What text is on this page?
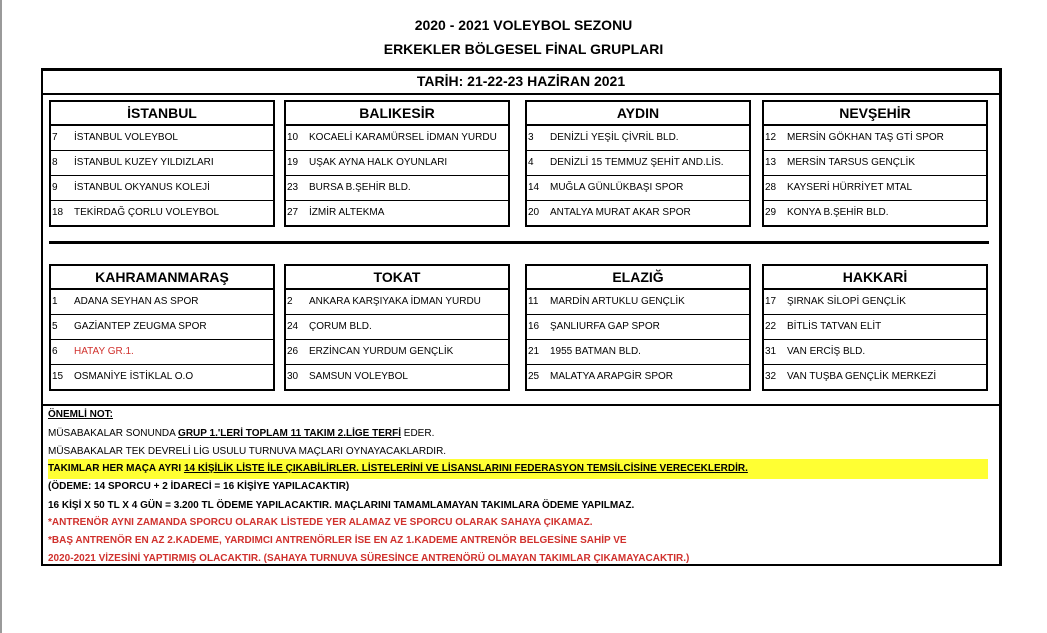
2020 - 2021 VOLEYBOL SEZONU
ERKEKLER BÖLGESEL FİNAL GRUPLARI
TARİH: 21-22-23 HAZİRAN 2021
İSTANBUL
7	İSTANBUL VOLEYBOL
8	İSTANBUL KUZEY YILDIZLARI
9	İSTANBUL OKYANUS KOLEJİ
18	TEKİRDAĞ ÇORLU VOLEYBOL
BALIKESİR
10	KOCAELİ KARAMÜRSEL İDMAN YURDU
19	UŞAK AYNA HALK OYUNLARI
23	BURSA B.ŞEHİR BLD.
27	İZMİR ALTEKMA
AYDIN
3	DENİZLİ YEŞİL ÇİVRİL BLD.
4	DENİZLİ 15 TEMMUZ ŞEHİT AND.LİS.
14	MUĞLA GÜNLÜKBAŞI SPOR
20	ANTALYA MURAT AKAR SPOR
NEVŞEHİR
12	MERSİN GÖKHAN TAŞ GTİ SPOR
13	MERSİN TARSUS GENÇLİK
28	KAYSERİ HÜRRİYET MTAL
29	KONYA B.ŞEHİR BLD.
KAHRAMANMARAŞ
1	ADANA SEYHAN AS SPOR
5	GAZİANTEP ZEUGMA SPOR
6	HATAY GR.1.
15	OSMANİYE İSTİKLAL O.O
TOKAT
2	ANKARA KARŞIYAKA İDMAN YURDU
24	ÇORUM BLD.
26	ERZİNCAN YURDUM GENÇLİK
30	SAMSUN VOLEYBOL
ELAZIĞ
11	MARDİN ARTUKLU GENÇLİK
16	ŞANLIURFA GAP SPOR
21	1955 BATMAN BLD.
25	MALATYA ARAPGİR SPOR
HAKKARİ
17	ŞIRNAK SİLOPİ GENÇLİK
22	BİTLİS TATVAN ELİT
31	VAN ERCİŞ BLD.
32	VAN TUŞBA GENÇLİK MERKEZİ
ÖNEMLİ NOT:
MÜSABAKALAR SONUNDA GRUP 1.'LERİ TOPLAM 11 TAKIM 2.LİGE TERFİ EDER.
MÜSABAKALAR TEK DEVRELİ LİG USULU TURNUVA MAÇLARI OYNAYACAKLARDIR.
TAKIMLAR HER MAÇA AYRI 14 KİŞİLİK LİSTE İLE ÇIKABİLİRLER. LİSTELERİNİ VE LİSANSLARINI FEDERASYON TEMSİLCİSİNE VERECEKLERDİR.
(ÖDEME: 14 SPORCU + 2 İDARECİ = 16 KİŞİYE YAPILACAKTIR)
16 KİŞİ X 50 TL X 4 GÜN = 3.200 TL ÖDEME YAPILACAKTIR. MAÇLARINI TAMAMLAMAYAN TAKIMLARA ÖDEME YAPILMAZ.
*ANTRENÖR AYNI ZAMANDA SPORCU OLARAK LİSTEDE YER ALAMAZ VE SPORCU OLARAK SAHAYA ÇIKAMAZ.
*BAŞ ANTRENÖR EN AZ 2.KADEME, YARDIMCI ANTRENÖRLER İSE EN AZ 1.KADEME ANTRENÖR BELGESİNE SAHİP VE
2020-2021 VİZESİNİ YAPTIRMIŞ OLACAKTIR. (SAHAYA TURNUVA SÜRESİNCE ANTRENÖRÜ OLMAYAN TAKIMLAR ÇIKAMAYACAKTIR.)
